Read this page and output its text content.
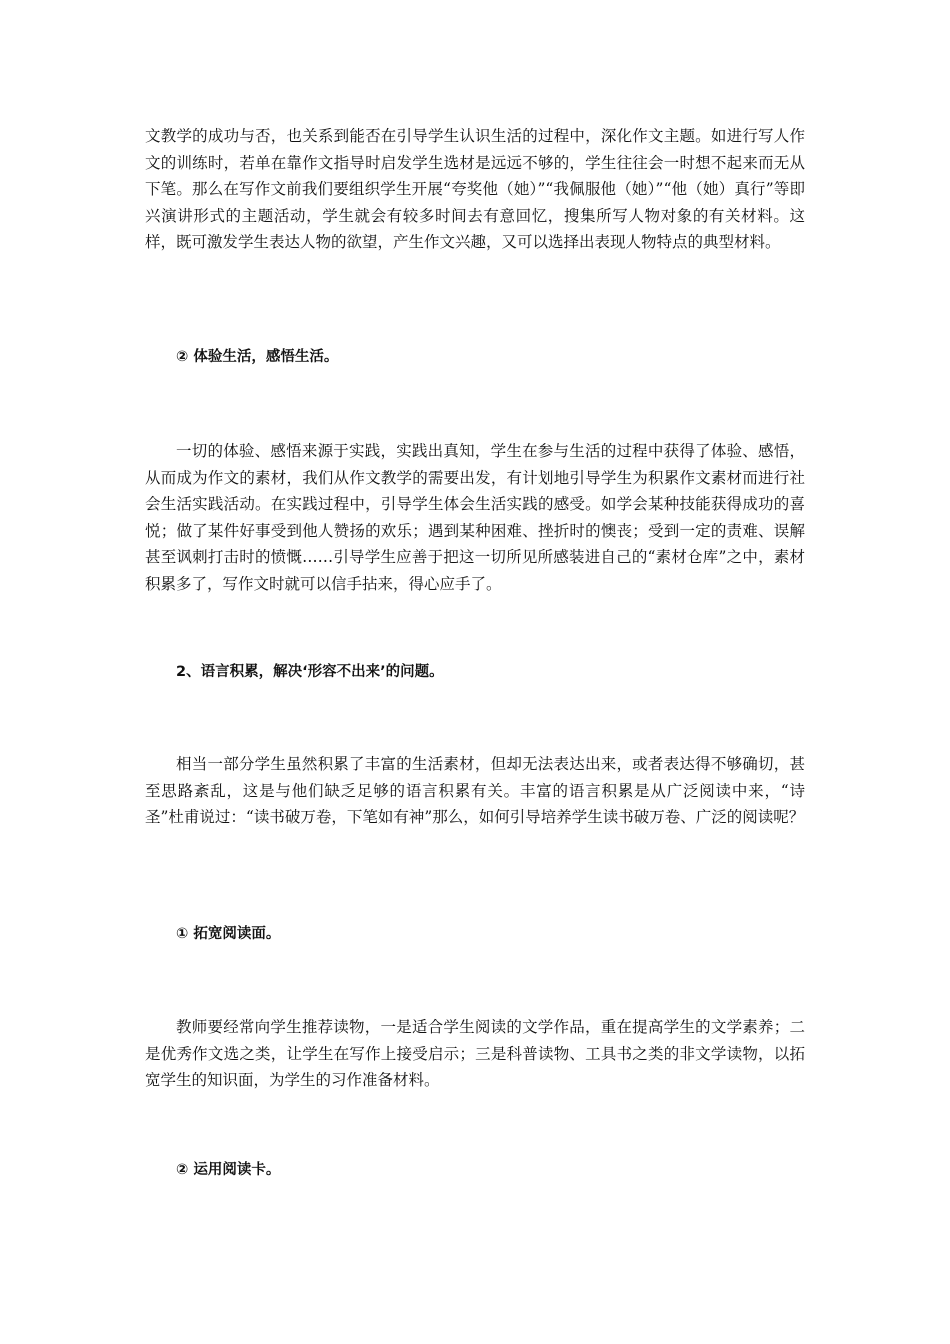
文教学的成功与否，也关系到能否在引导学生认识生活的过程中，深化作文主题。如进行写人作文的训练时，若单在靠作文指导时启发学生选材是远远不够的，学生往往会一时想不起来而无从下笔。那么在写作文前我们要组织学生开展“夸奖他（她）”“我佩服他（她）”“他（她）真行”等即兴演讲形式的主题活动，学生就会有较多时间去有意回忆，搜集所写人物对象的有关材料。这样，既可激发学生表达人物的欲望，产生作文兴趣，又可以选择出表现人物特点的典型材料。

② 体验生活，感悟生活。

一切的体验、感悟来源于实践，实践出真知，学生在参与生活的过程中获得了体验、感悟，从而成为作文的素材，我们从作文教学的需要出发，有计划地引导学生为积累作文素材而进行社会生活实践活动。在实践过程中，引导学生体会生活实践的感受。如学会某种技能获得成功的喜悦；做了某件好事受到他人赞扬的欢乐；遇到某种困难、挫折时的懊丧；受到一定的责难、误解甚至讽刺打击时的愤慨……引导学生应善于把这一切所见所感装进自己的“素材仓库”之中，素材积累多了，写作文时就可以信手拈来，得心应手了。

2、语言积累，解决‘形容不出来’的问题。

相当一部分学生虽然积累了丰富的生活素材，但却无法表达出来，或者表达得不够确切，甚至思路紊乱，这是与他们缺乏足够的语言积累有关。丰富的语言积累是从广泛阅读中来，“诗圣”杜甫说过：“读书破万卷，下笔如有神”那么，如何引导培养学生读书破万卷、广泛的阅读呢？

① 拓宽阅读面。

教师要经常向学生推荐读物，一是适合学生阅读的文学作品，重在提高学生的文学素养；二是优秀作文选之类，让学生在写作上接受启示；三是科普读物、工具书之类的非文学读物，以拓宽学生的知识面，为学生的习作准备材料。

② 运用阅读卡。
